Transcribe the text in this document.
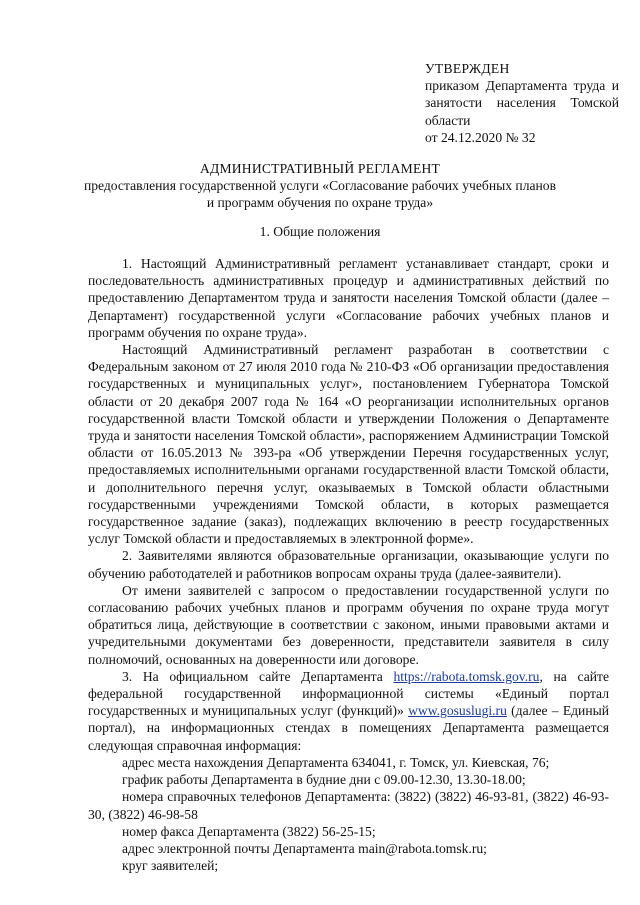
УТВЕРЖДЕН
приказом Департамента труда и занятости населения Томской области
от 24.12.2020 № 32
АДМИНИСТРАТИВНЫЙ РЕГЛАМЕНТ
предоставления государственной услуги «Согласование рабочих учебных планов и программ обучения по охране труда»
1. Общие положения

1. Настоящий Административный регламент устанавливает стандарт, сроки и последовательность административных процедур и административных действий по предоставлению Департаментом труда и занятости населения Томской области (далее – Департамент) государственной услуги «Согласование рабочих учебных планов и программ обучения по охране труда».

Настоящий Административный регламент разработан в соответствии с Федеральным законом от 27 июля 2010 года № 210-ФЗ «Об организации предоставления государственных и муниципальных услуг», постановлением Губернатора Томской области от 20 декабря 2007 года № 164 «О реорганизации исполнительных органов государственной власти Томской области и утверждении Положения о Департаменте труда и занятости населения Томской области», распоряжением Администрации Томской области от 16.05.2013 № 393-ра «Об утверждении Перечня государственных услуг, предоставляемых исполнительными органами государственной власти Томской области, и дополнительного перечня услуг, оказываемых в Томской области областными государственными учреждениями Томской области, в которых размещается государственное задание (заказ), подлежащих включению в реестр государственных услуг Томской области и предоставляемых в электронной форме».

2. Заявителями являются образовательные организации, оказывающие услуги по обучению работодателей и работников вопросам охраны труда (далее-заявители).

От имени заявителей с запросом о предоставлении государственной услуги по согласованию рабочих учебных планов и программ обучения по охране труда могут обратиться лица, действующие в соответствии с законом, иными правовыми актами и учредительными документами без доверенности, представители заявителя в силу полномочий, основанных на доверенности или договоре.

3. На официальном сайте Департамента https://rabota.tomsk.gov.ru, на сайте федеральной государственной информационной системы «Единый портал государственных и муниципальных услуг (функций)» www.gosuslugi.ru (далее – Единый портал), на информационных стендах в помещениях Департамента размещается следующая справочная информация:

адрес места нахождения Департамента 634041, г. Томск, ул. Киевская, 76;

график работы Департамента в будние дни с 09.00-12.30, 13.30-18.00;

номера справочных телефонов Департамента: (3822) (3822) 46-93-81, (3822) 46-93-30, (3822) 46-98-58

номер факса Департамента (3822) 56-25-15;

адрес электронной почты Департамента main@rabota.tomsk.ru;

круг заявителей;
